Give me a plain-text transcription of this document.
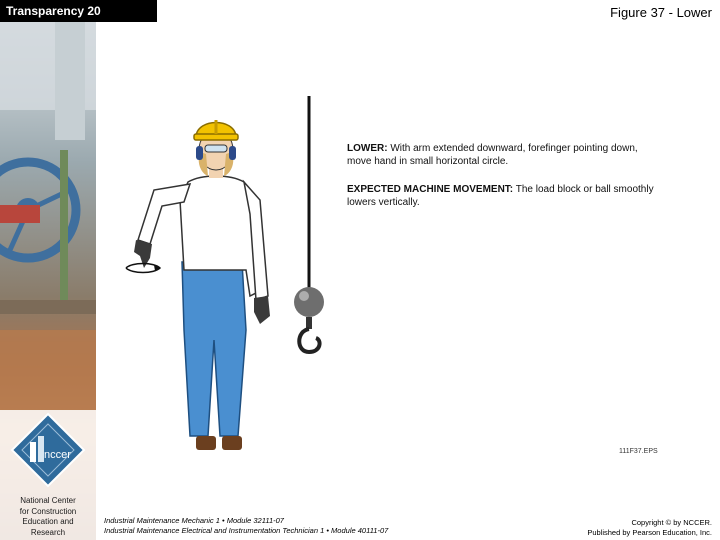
Transparency 20	Figure 37 - Lower
nccer
National Center
for Construction
Education and
Research
LOWER: With arm extended downward, forefinger pointing down, move hand in small horizontal circle.
EXPECTED MACHINE MOVEMENT: The load block or ball smoothly lowers vertically.
111F37.EPS
Industrial Maintenance Mechanic 1 • Module 32111-07
Industrial Maintenance Electrical and Instrumentation Technician 1 • Module 40111-07
Copyright © by NCCER.
Published by Pearson Education, Inc.
